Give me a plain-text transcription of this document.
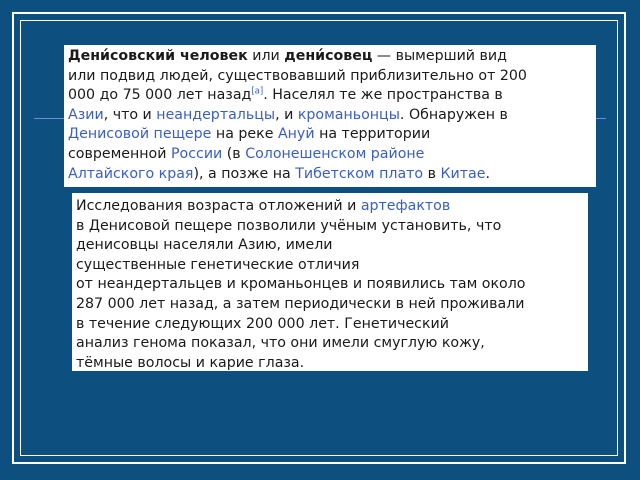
Дени́совский человек или дени́совец — вымерший вид
или подвид людей, существовавший приблизительно от 200
000 до 75 000 лет назад[a]. Населял те же пространства в
Азии, что и неандертальцы, и кроманьонцы. Обнаружен в
Денисовой пещере на реке Ануй на территории
современной России (в Солонешенском районе
Алтайского края), а позже на Тибетском плато в Китае.
Исследования возраста отложений и артефактов
в Денисовой пещере позволили учёным установить, что
денисовцы населяли Азию, имели
существенные генетические отличия
от неандертальцев и кроманьонцев и появились там около
287 000 лет назад, а затем периодически в ней проживали
в течение следующих 200 000 лет. Генетический
анализ генома показал, что они имели смуглую кожу,
тёмные волосы и карие глаза.
